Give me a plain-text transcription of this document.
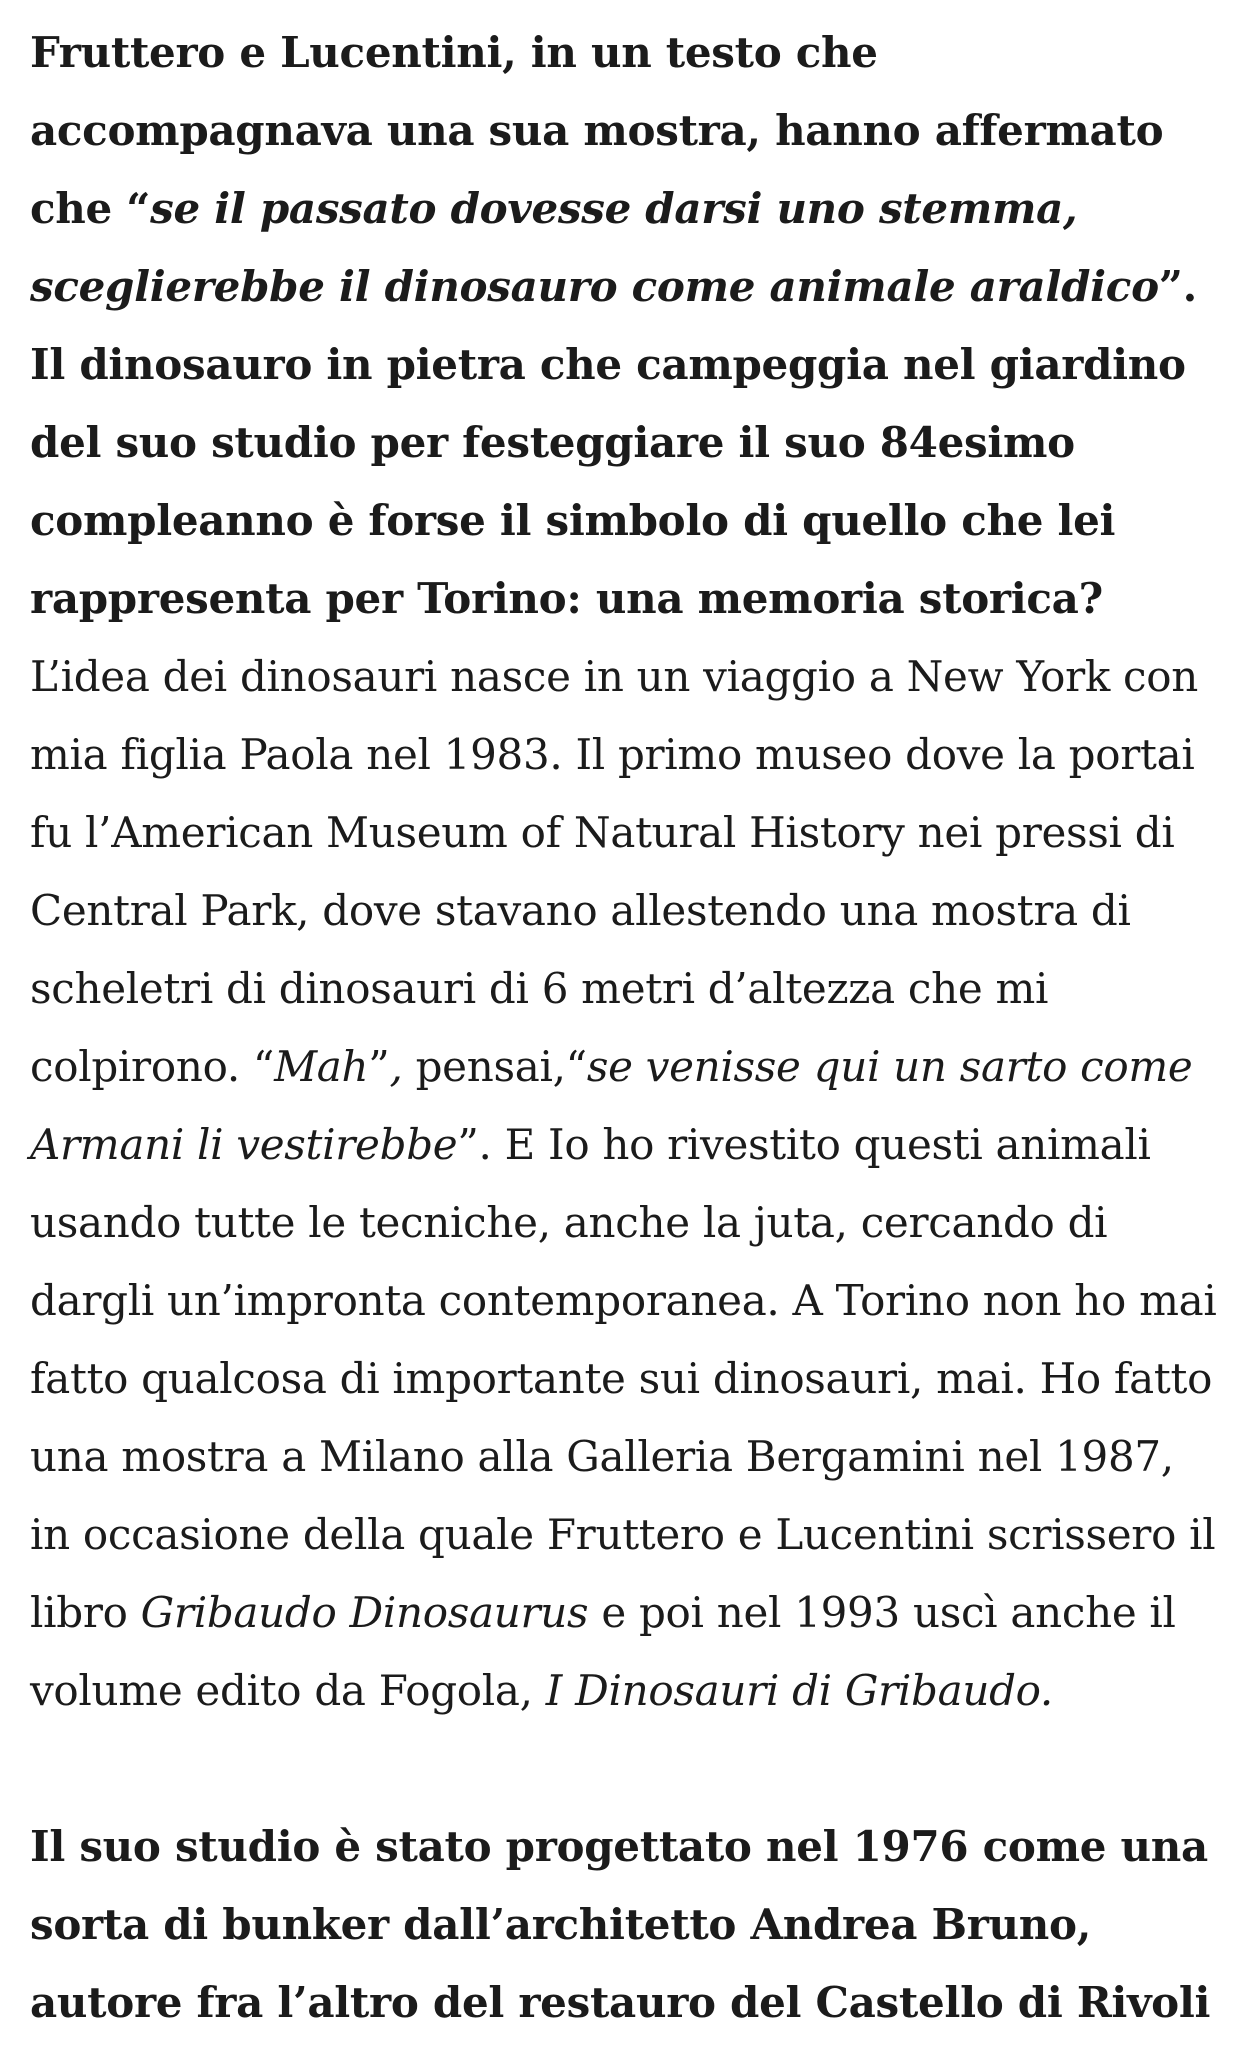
Fruttero e Lucentini, in un testo che accompagnava una sua mostra, hanno affermato che “se il passato dovesse darsi uno stemma, sceglierebbe il dinosauro come animale araldico”. Il dinosauro in pietra che campeggia nel giardino del suo studio per festeggiare il suo 84esimo compleanno è forse il simbolo di quello che lei rappresenta per Torino: una memoria storica?

L’idea dei dinosauri nasce in un viaggio a New York con mia figlia Paola nel 1983. Il primo museo dove la portai fu l’American Museum of Natural History nei pressi di Central Park, dove stavano allestendo una mostra di scheletri di dinosauri di 6 metri d’altezza che mi colpirono. “Mah”, pensai,“se venisse qui un sarto come Armani li vestirebbe”. E Io ho rivestito questi animali usando tutte le tecniche, anche la juta, cercando di dargli un’impronta contemporanea. A Torino non ho mai fatto qualcosa di importante sui dinosauri, mai. Ho fatto una mostra a Milano alla Galleria Bergamini nel 1987, in occasione della quale Fruttero e Lucentini scrissero il libro Gribaudo Dinosaurus e poi nel 1993 uscì anche il volume edito da Fogola, I Dinosauri di Gribaudo.

Il suo studio è stato progettato nel 1976 come una sorta di bunker dall’architetto Andrea Bruno, autore fra l’altro del restauro del Castello di Rivoli
